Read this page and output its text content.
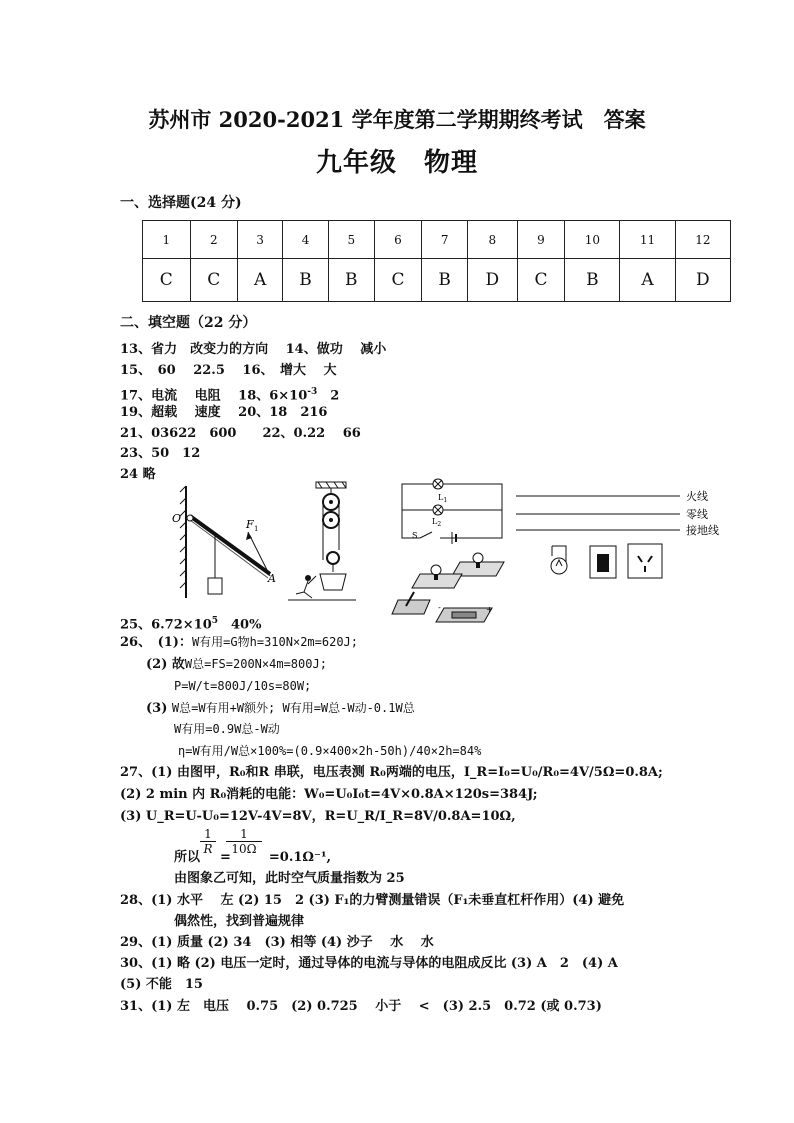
苏州市 2020-2021 学年度第二学期期终考试　答案
九年级　物理
一、选择题(24 分)
1	2	3	4	5	6	7	8	9	10	11	12
C	C	A	B	B	C	B	D	C	B	A	D
二、填空题（22 分）
13、省力　改变力的方向　 14、做功　 减小
15、　60　 22.5　 16、　增大　 大
17、电流　 电阻　 18、$6\times 10^{-3}$　2
19、超载　 速度　 20、18　216
21、03622　600　　22、0.22　 66
23、50　12
24 略
O	F 1
A
$L_1$
$L_2$
S
+
-
火线
零线
接地线
25、$6.72\times 10^5$　40%
26、　(1)：W有用=G物h=310N×2m=620J;
(2) 故W总=FS=200N×4m=800J;
P=W/t=800J/10s=80W;
(3) W总=W有用+W额外; W有用=W总-W动-0.1W总
W有用=0.9W总-W动
η=W有用/W总×100%=(0.9×400×2h-50h)/40×2h=84%
27、(1) 由图甲，R₀和R 串联，电压表测 R₀两端的电压，I_R=I₀=U₀/R₀=4V/5Ω=0.8A;
(2) 2 min 内 R₀消耗的电能：W₀=U₀I₀t=4V×0.8A×120s=384J;
(3) U_R=U-U₀=12V-4V=8V，R=U_R/I_R=8V/0.8A=10Ω,
$\frac{1}{R} \frac{1}{10\Omega}$
所以 =	=0.1Ω⁻¹,
由图象乙可知，此时空气质量指数为 25
28、(1) 水平　 左 (2) 15　2 (3) F₁的力臂测量错误（F₁未垂直杠杆作用）(4) 避免
偶然性，找到普遍规律
29、(1) 质量 (2) 34　(3) 相等 (4) 沙子　 水　 水
30、(1) 略 (2) 电压一定时，通过导体的电流与导体的电阻成反比 (3) A　2　(4) A
(5) 不能　15
31、(1) 左　电压　 0.75　(2) 0.725　 小于　 <　(3) 2.5　0.72 (或 0.73)
